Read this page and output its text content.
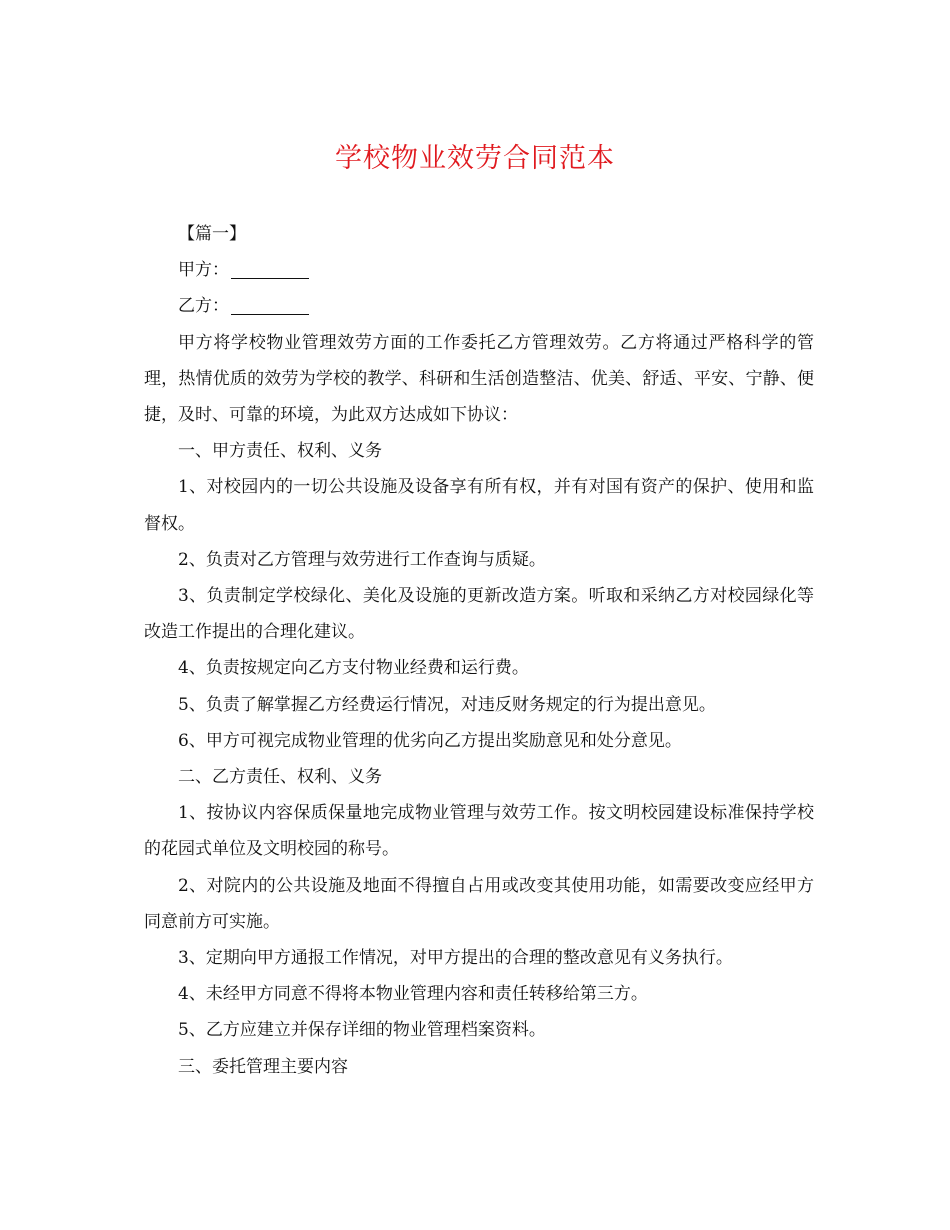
学校物业效劳合同范本

【篇一】

甲方：

乙方：

甲方将学校物业管理效劳方面的工作委托乙方管理效劳。乙方将通过严格科学的管理，热情优质的效劳为学校的教学、科研和生活创造整洁、优美、舒适、平安、宁静、便捷，及时、可靠的环境，为此双方达成如下协议：

一、甲方责任、权利、义务

1、对校园内的一切公共设施及设备享有所有权，并有对国有资产的保护、使用和监督权。

2、负责对乙方管理与效劳进行工作查询与质疑。

3、负责制定学校绿化、美化及设施的更新改造方案。听取和采纳乙方对校园绿化等改造工作提出的合理化建议。

4、负责按规定向乙方支付物业经费和运行费。

5、负责了解掌握乙方经费运行情况，对违反财务规定的行为提出意见。

6、甲方可视完成物业管理的优劣向乙方提出奖励意见和处分意见。

二、乙方责任、权利、义务

1、按协议内容保质保量地完成物业管理与效劳工作。按文明校园建设标准保持学校的花园式单位及文明校园的称号。

2、对院内的公共设施及地面不得擅自占用或改变其使用功能，如需要改变应经甲方同意前方可实施。

3、定期向甲方通报工作情况，对甲方提出的合理的整改意见有义务执行。

4、未经甲方同意不得将本物业管理内容和责任转移给第三方。

5、乙方应建立并保存详细的物业管理档案资料。

三、委托管理主要内容
